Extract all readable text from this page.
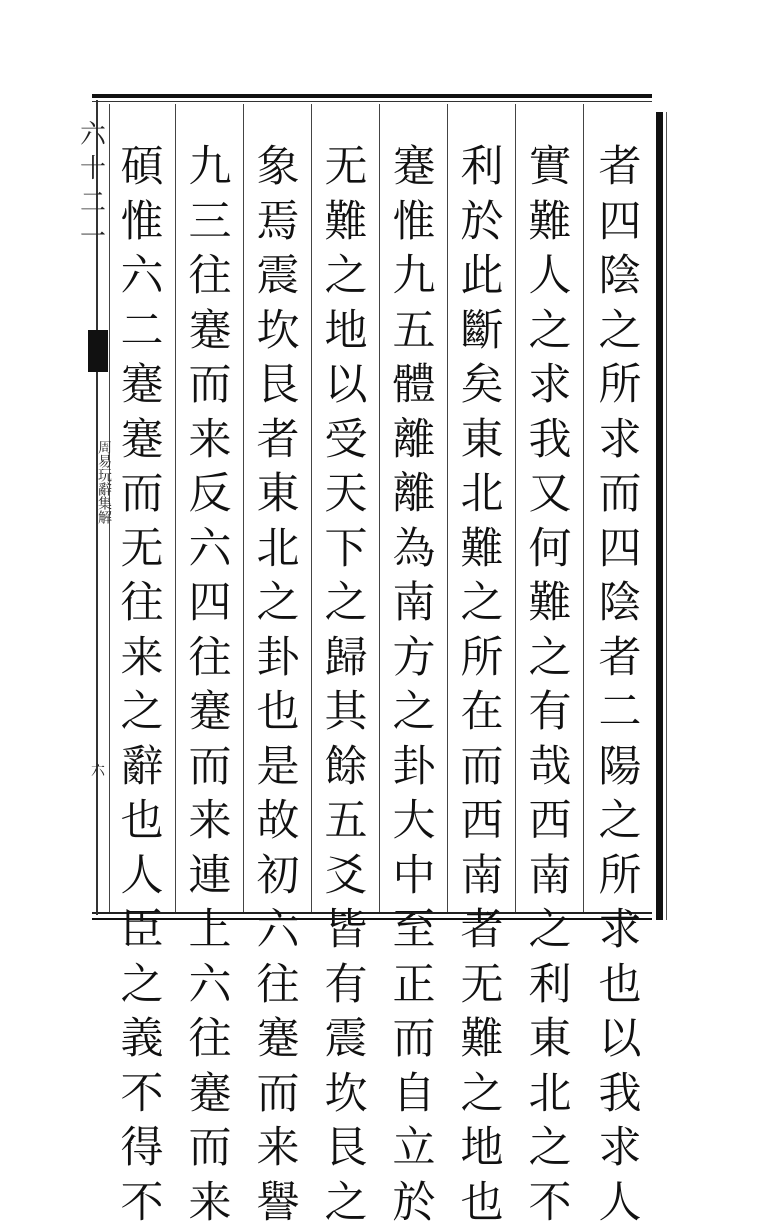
六
十
二
一
周易玩辭集解
六
者
四
陰
之
所
求
而
四
陰
者
二
陽
之
所
求
也
以
我
求
人
實
難
人
之
求
我
又
何
難
之
有
哉
西
南
之
利
東
北
之
不
利
於
此
斷
矣
東
北
難
之
所
在
而
西
南
者
无
難
之
地
也
蹇
惟
九
五
體
離
離
為
南
方
之
卦
大
中
至
正
而
自
立
於
无
難
之
地
以
受
天
下
之
歸
其
餘
五
爻
皆
有
震
坎
艮
之
象
焉
震
坎
艮
者
東
北
之
卦
也
是
故
初
六
往
蹇
而
来
譽
九
三
往
蹇
而
来
反
六
四
往
蹇
而
来
連
上
六
往
蹇
而
来
碩
惟
六
二
蹇
蹇
而
无
往
来
之
辭
也
人
臣
之
義
不
得
不
